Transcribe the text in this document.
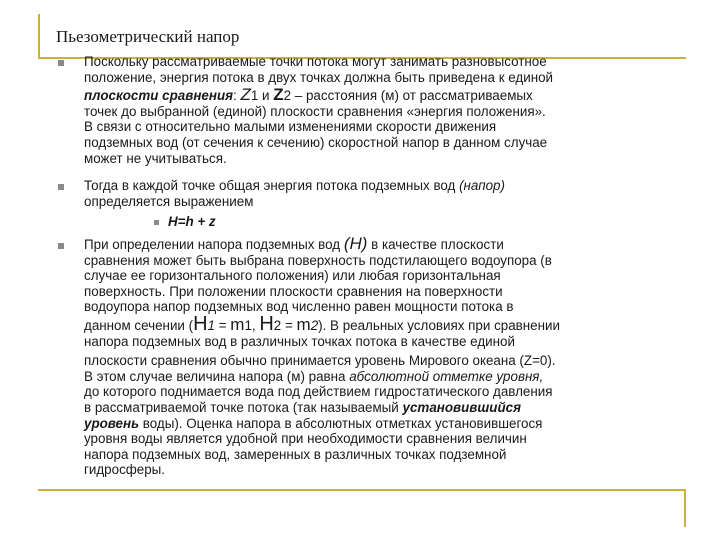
Пьезометрический напор

Поскольку рассматриваемые точки потока могут занимать разновысотное

положение, энергия потока в двух точках должна быть приведена к единой

плоскости сравнения: Z1 и Z2 – расстояния (м) от рассматриваемых

точек до выбранной (единой) плоскости сравнения «энергия положения».

В связи с относительно малыми изменениями скорости движения

подземных вод (от сечения к сечению) скоростной напор в данном случае

может не учитываться.

Тогда в каждой точке общая энергия потока подземных вод (напор)

определяется выражением

H=h + z

При определении напора подземных вод (Н) в качестве плоскости

сравнения может быть выбрана поверхность подстилающего водоупора (в

случае ее горизонтального положения) или любая горизонтальная

поверхность. При положении плоскости сравнения на поверхности

водоупора напор подземных вод численно равен мощности потока в

данном сечении (H1 = m1, H2 = m2). В реальных условиях при сравнении

напора подземных вод в различных точках потока в качестве единой

плоскости сравнения обычно принимается уровень Мирового океана (Z=0).

В этом случае величина напора (м) равна абсолютной отметке уровня,

до которого поднимается вода под действием гидростатического давления

в рассматриваемой точке потока (так называемый установившийся

уровень воды). Оценка напора в абсолютных отметках установившегося

уровня воды является удобной при необходимости сравнения величин

напора подземных вод, замеренных в различных точках подземной

гидросферы.
